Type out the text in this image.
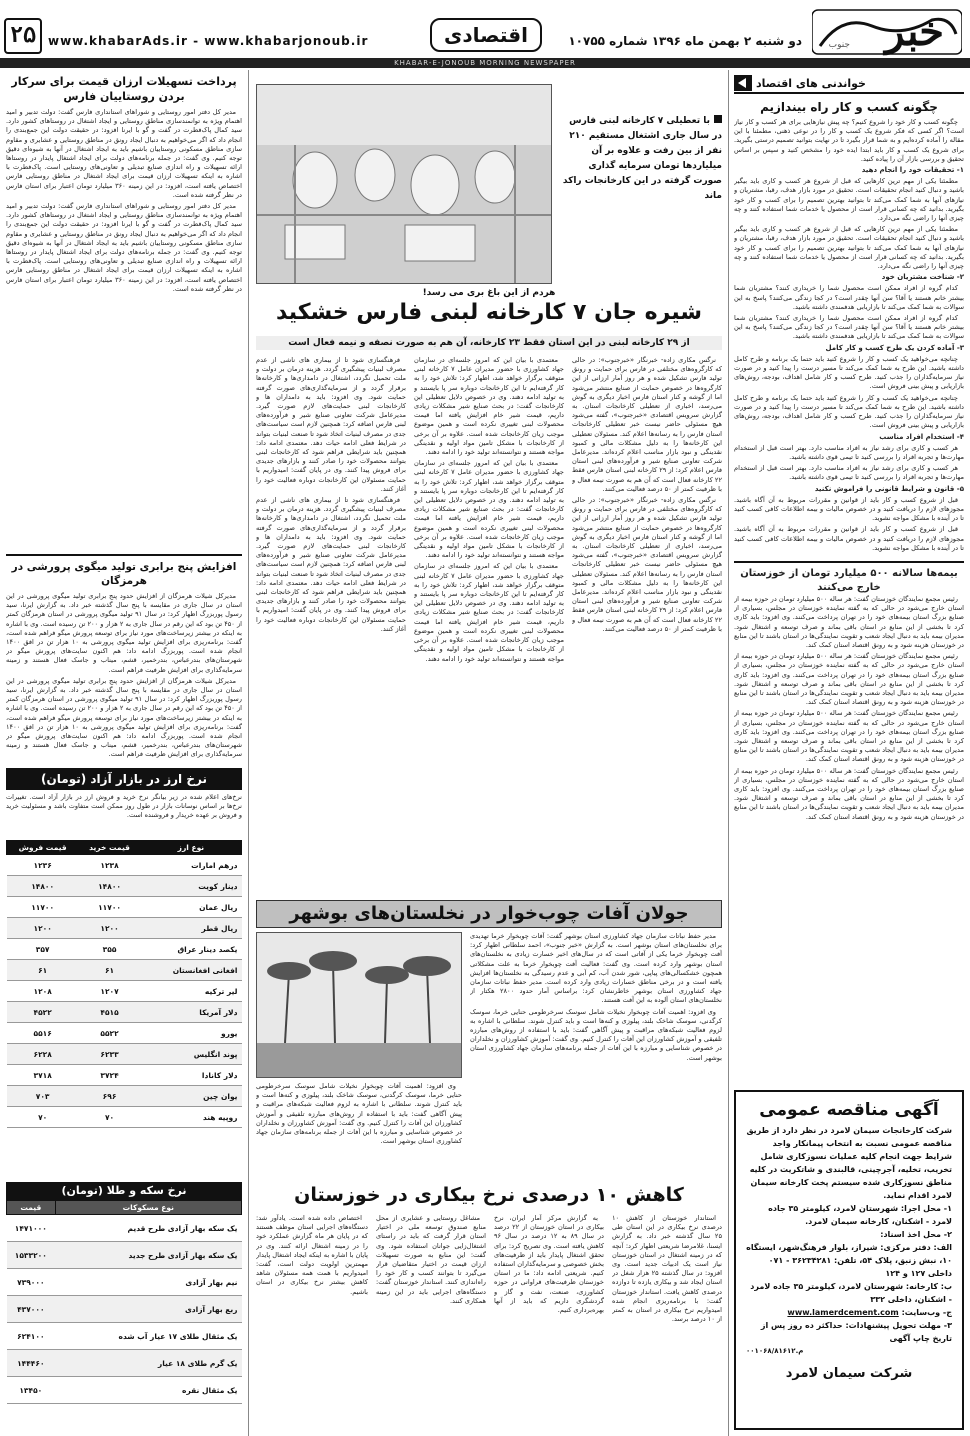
خبر
جنوب
دو شنبه ۲ بهمن ماه ۱۳۹۶ شماره ۱۰۷۵۵
اقتصادی
www.khabarAds.ir - www.khabarjonoub.ir
۲۵
KHABAR-E-JONOUB MORNING NEWSPAPER
خواندنی های اقتصاد
چگونه کسب و کار راه بیندازیم

چگونه کسب و کار خود را شروع کنیم؟ چه پیش نیازهایی برای هر کسب و کار نیاز است؟ اگر کسی که فکر شروع یک کسب و کار را در نوعی ذهنی، مطمئنا با این مقاله را آماده کرده‌ایم و به شما قرار بگیرد تا در نهایت بتوانید تصمیم درستی بگیرید. برای شروع یک کسب و کار باید ابتدا ایده خود را مشخص کنید و سپس بر اساس تحقیق و بررسی بازار آن را پیاده کنید.

۱- تحقیقات خود را انجام دهید

مطمئنا یکی از مهم ترین کارهایی که قبل از شروع هر کسب و کاری باید بیگیر باشید و دنبال کنید انجام تحقیقات است. تحقیق در مورد بازار هدف، رقبا، مشتریان و نیازهای آنها به شما کمک می‌کند تا بتوانید بهترین تصمیم را برای کسب و کار خود بگیرید. بدانید که چه کسانی قرار است از محصول یا خدمات شما استفاده کنند و چه چیزی آنها را راضی نگه می‌دارد.

مطمئنا یکی از مهم ترین کارهایی که قبل از شروع هر کسب و کاری باید بیگیر باشید و دنبال کنید انجام تحقیقات است. تحقیق در مورد بازار هدف، رقبا، مشتریان و نیازهای آنها به شما کمک می‌کند تا بتوانید بهترین تصمیم را برای کسب و کار خود بگیرید. بدانید که چه کسانی قرار است از محصول یا خدمات شما استفاده کنند و چه چیزی آنها را راضی نگه می‌دارد.

۲- شناخت مشتریان خود

کدام گروه از افراد ممکن است محصول شما را خریداری کنند؟ مشتریان شما بیشتر خانم هستند یا آقا؟ سن آنها چقدر است؟ در کجا زندگی می‌کنند؟ پاسخ به این سوالات به شما کمک می‌کند تا بازاریابی هدفمندی داشته باشید.

کدام گروه از افراد ممکن است محصول شما را خریداری کنند؟ مشتریان شما بیشتر خانم هستند یا آقا؟ سن آنها چقدر است؟ در کجا زندگی می‌کنند؟ پاسخ به این سوالات به شما کمک می‌کند تا بازاریابی هدفمندی داشته باشید.

۳- آماده کردن یک طرح کسب و کار کامل

چنانچه می‌خواهید یک کسب و کار را شروع کنید باید حتما یک برنامه و طرح کامل داشته باشید. این طرح به شما کمک می‌کند تا مسیر درست را پیدا کنید و در صورت نیاز سرمایه‌گذاران را جذب کنید. طرح کسب و کار شامل اهداف، بودجه، روش‌های بازاریابی و پیش بینی فروش است.

چنانچه می‌خواهید یک کسب و کار را شروع کنید باید حتما یک برنامه و طرح کامل داشته باشید. این طرح به شما کمک می‌کند تا مسیر درست را پیدا کنید و در صورت نیاز سرمایه‌گذاران را جذب کنید. طرح کسب و کار شامل اهداف، بودجه، روش‌های بازاریابی و پیش بینی فروش است.

۴- استخدام افراد مناسب

هر کسب و کاری برای رشد نیاز به افراد مناسب دارد. بهتر است قبل از استخدام مهارت‌ها و تجربه افراد را بررسی کنید تا تیمی قوی داشته باشید.

هر کسب و کاری برای رشد نیاز به افراد مناسب دارد. بهتر است قبل از استخدام مهارت‌ها و تجربه افراد را بررسی کنید تا تیمی قوی داشته باشید.

۵- قانون و شرایط قانونی را فراموش نکنید

قبل از شروع کسب و کار باید از قوانین و مقررات مربوط به آن آگاه باشید. مجوزهای لازم را دریافت کنید و در خصوص مالیات و بیمه اطلاعات کافی کسب کنید تا در آینده با مشکل مواجه نشوید.

قبل از شروع کسب و کار باید از قوانین و مقررات مربوط به آن آگاه باشید. مجوزهای لازم را دریافت کنید و در خصوص مالیات و بیمه اطلاعات کافی کسب کنید تا در آینده با مشکل مواجه نشوید.

بیمه‌ها سالانه ۵۰۰ میلیارد تومان از خوزستان خارج می‌کنند

رئیس مجمع نمایندگان خوزستان گفت: هر ساله ۵۰۰ میلیارد تومان در حوزه بیمه از استان خارج می‌شود در حالی که به گفته نماینده خوزستان در مجلس، بسیاری از صنایع بزرگ استان بیمه‌های خود را در تهران پرداخت می‌کنند. وی افزود: باید کاری کرد تا بخشی از این منابع در استان باقی بماند و صرف توسعه و اشتغال شود. مدیران بیمه باید به دنبال ایجاد شعب و تقویت نمایندگی‌ها در استان باشند تا این منابع در خوزستان هزینه شود و به رونق اقتصاد استان کمک کند.

رئیس مجمع نمایندگان خوزستان گفت: هر ساله ۵۰۰ میلیارد تومان در حوزه بیمه از استان خارج می‌شود در حالی که به گفته نماینده خوزستان در مجلس، بسیاری از صنایع بزرگ استان بیمه‌های خود را در تهران پرداخت می‌کنند. وی افزود: باید کاری کرد تا بخشی از این منابع در استان باقی بماند و صرف توسعه و اشتغال شود. مدیران بیمه باید به دنبال ایجاد شعب و تقویت نمایندگی‌ها در استان باشند تا این منابع در خوزستان هزینه شود و به رونق اقتصاد استان کمک کند.

رئیس مجمع نمایندگان خوزستان گفت: هر ساله ۵۰۰ میلیارد تومان در حوزه بیمه از استان خارج می‌شود در حالی که به گفته نماینده خوزستان در مجلس، بسیاری از صنایع بزرگ استان بیمه‌های خود را در تهران پرداخت می‌کنند. وی افزود: باید کاری کرد تا بخشی از این منابع در استان باقی بماند و صرف توسعه و اشتغال شود. مدیران بیمه باید به دنبال ایجاد شعب و تقویت نمایندگی‌ها در استان باشند تا این منابع در خوزستان هزینه شود و به رونق اقتصاد استان کمک کند.

رئیس مجمع نمایندگان خوزستان گفت: هر ساله ۵۰۰ میلیارد تومان در حوزه بیمه از استان خارج می‌شود در حالی که به گفته نماینده خوزستان در مجلس، بسیاری از صنایع بزرگ استان بیمه‌های خود را در تهران پرداخت می‌کنند. وی افزود: باید کاری کرد تا بخشی از این منابع در استان باقی بماند و صرف توسعه و اشتغال شود. مدیران بیمه باید به دنبال ایجاد شعب و تقویت نمایندگی‌ها در استان باشند تا این منابع در خوزستان هزینه شود و به رونق اقتصاد استان کمک کند.

آگهی مناقصه عمومی
شرکت کارخانجات سیمان لامرد در نظر دارد از طریق مناقصه عمومی نسبت به انتخاب پیمانکار واجد شرایط جهت انجام کلیه عملیات نسوزکاری شامل تخریب، تخلیه، آجرچینی، قالبندی و شاتکریت در کلیه مناطق نسوزکاری شده سیستم پخت کارخانه سیمان لامرد اقدام نماید.
۱- محل اجرا: شهرستان لامرد، کیلومتر ۳۵ جاده لامرد - اشکنان، کارخانه سیمان لامرد.
۲- محل اخذ اسناد:
الف: دفتر مرکزی: شیراز، بلوار فرهنگ‌شهر، ایستگاه ۱۰، نبش زنبق، پلاک ۵۴، تلفن: ۳۶۲۳۴۲۸۱ - ۰۷۱ داخلی ۱۲۷ و ۱۲۴
ب: کارخانه: شهرستان لامرد، کیلومتر ۳۵ جاده لامرد - اشکنان، داخلی ۳۳۲
ج- وب‌سایت: www.lamerdcement.com
۳- مهلت تحویل پیشنهادات: حداکثر ده روز پس از تاریخ چاپ آگهی
۰۰۱۰۶۸/م.۸۱۶۱۲
شرکت سیمان لامرد
با تعطیلی ۷ کارخانه لبنی فارس در سال جاری اشتغال مستقیم ۲۱۰ نفر از بین رفت و علاوه بر آن میلیاردها تومان سرمایه گذاری صورت گرفته در این کارخانجات راکد ماند
هردم از این باغ بری می رسد!
شیره جان ۷ کارخانه لبنی فارس خشکید
از ۲۹ کارخانه لبنی در این استان فقط ۲۳ کارخانه، آن هم به صورت نصفه و نیمه فعال است

نرگس مکاری زاده- خبرنگار «خبرجنوب»: در حالی که کارگروه‌های مختلفی در فارس برای حمایت و رونق تولید فارس تشکیل شده و هر روز آمار ارزانی از این کارگروه‌ها در خصوص حمایت از صنایع منتشر می‌شود اما از گوشه و کنار استان فارس اخبار دیگری به گوش می‌رسد، اخباری از تعطیلی کارخانجات استان. به گزارش سرویس اقتصادی «خبرجنوب»، گفته می‌شود هیچ مسئولی حاضر نیست خبر تعطیلی کارخانجات استان فارس را به رسانه‌ها اعلام کند. مسئولان تعطیلی این کارخانه‌ها را به دلیل مشکلات مالی و کمبود نقدینگی و نبود بازار مناسب اعلام کرده‌اند. مدیرعامل شرکت تعاونی صنایع شیر و فرآورده‌های لبنی استان فارس اعلام کرد: از ۲۹ کارخانه لبنی استان فارس فقط ۲۲ کارخانه فعال است که آن هم به صورت نیمه فعال و با ظرفیت کمتر از ۵۰ درصد فعالیت می‌کنند.

نرگس مکاری زاده- خبرنگار «خبرجنوب»: در حالی که کارگروه‌های مختلفی در فارس برای حمایت و رونق تولید فارس تشکیل شده و هر روز آمار ارزانی از این کارگروه‌ها در خصوص حمایت از صنایع منتشر می‌شود اما از گوشه و کنار استان فارس اخبار دیگری به گوش می‌رسد، اخباری از تعطیلی کارخانجات استان. به گزارش سرویس اقتصادی «خبرجنوب»، گفته می‌شود هیچ مسئولی حاضر نیست خبر تعطیلی کارخانجات استان فارس را به رسانه‌ها اعلام کند. مسئولان تعطیلی این کارخانه‌ها را به دلیل مشکلات مالی و کمبود نقدینگی و نبود بازار مناسب اعلام کرده‌اند. مدیرعامل شرکت تعاونی صنایع شیر و فرآورده‌های لبنی استان فارس اعلام کرد: از ۲۹ کارخانه لبنی استان فارس فقط ۲۲ کارخانه فعال است که آن هم به صورت نیمه فعال و با ظرفیت کمتر از ۵۰ درصد فعالیت می‌کنند.

معتمدی با بیان این که امروز جلسه‌ای در سازمان جهاد کشاورزی با حضور مدیران عامل ۷ کارخانه لبنی متوقف برگزار خواهد شد، اظهار کرد: تلاش خود را به کار گرفته‌ایم تا این کارخانجات دوباره سر پا بایستند و به تولید ادامه دهند. وی در خصوص دلایل تعطیلی این کارخانجات گفت: در بحث صنایع شیر مشکلات زیادی داریم، قیمت شیر خام افزایش یافته اما قیمت محصولات لبنی تغییری نکرده است و همین موضوع موجب زیان کارخانجات شده است. علاوه بر آن برخی از کارخانجات با مشکل تامین مواد اولیه و نقدینگی مواجه هستند و نتوانسته‌اند تولید خود را ادامه دهند.

معتمدی با بیان این که امروز جلسه‌ای در سازمان جهاد کشاورزی با حضور مدیران عامل ۷ کارخانه لبنی متوقف برگزار خواهد شد، اظهار کرد: تلاش خود را به کار گرفته‌ایم تا این کارخانجات دوباره سر پا بایستند و به تولید ادامه دهند. وی در خصوص دلایل تعطیلی این کارخانجات گفت: در بحث صنایع شیر مشکلات زیادی داریم، قیمت شیر خام افزایش یافته اما قیمت محصولات لبنی تغییری نکرده است و همین موضوع موجب زیان کارخانجات شده است. علاوه بر آن برخی از کارخانجات با مشکل تامین مواد اولیه و نقدینگی مواجه هستند و نتوانسته‌اند تولید خود را ادامه دهند.

معتمدی با بیان این که امروز جلسه‌ای در سازمان جهاد کشاورزی با حضور مدیران عامل ۷ کارخانه لبنی متوقف برگزار خواهد شد، اظهار کرد: تلاش خود را به کار گرفته‌ایم تا این کارخانجات دوباره سر پا بایستند و به تولید ادامه دهند. وی در خصوص دلایل تعطیلی این کارخانجات گفت: در بحث صنایع شیر مشکلات زیادی داریم، قیمت شیر خام افزایش یافته اما قیمت محصولات لبنی تغییری نکرده است و همین موضوع موجب زیان کارخانجات شده است. علاوه بر آن برخی از کارخانجات با مشکل تامین مواد اولیه و نقدینگی مواجه هستند و نتوانسته‌اند تولید خود را ادامه دهند.

فرهنگسازی شود تا از بیماری های ناشی از عدم مصرف لبنیات پیشگیری گردد. هزینه درمان بر دولت و ملت تحمیل نگردد، اشتغال در دامداری‌ها و کارخانه‌ها برقرار گردد و از سرمایه‌گذاری‌های صورت گرفته حمایت شود. وی افزود: باید به دامداران ها و کارخانجات لبنی حمایت‌های لازم صورت گیرد. مدیرعامل شرکت تعاونی صنایع شیر و فرآورده‌های لبنی فارس اضافه کرد: همچنین لازم است سیاست‌های جدی در مصرف لبنیات اتخاذ شود تا صنعت لبنیات بتواند در شرایط فعلی ادامه حیات دهد. معتمدی ادامه داد: همچنین باید شرایطی فراهم شود که کارخانجات لبنی بتوانند محصولات خود را صادر کنند و بازارهای جدیدی برای فروش پیدا کنند. وی در پایان گفت: امیدواریم با حمایت مسئولان این کارخانجات دوباره فعالیت خود را آغاز کنند.

فرهنگسازی شود تا از بیماری های ناشی از عدم مصرف لبنیات پیشگیری گردد. هزینه درمان بر دولت و ملت تحمیل نگردد، اشتغال در دامداری‌ها و کارخانه‌ها برقرار گردد و از سرمایه‌گذاری‌های صورت گرفته حمایت شود. وی افزود: باید به دامداران ها و کارخانجات لبنی حمایت‌های لازم صورت گیرد. مدیرعامل شرکت تعاونی صنایع شیر و فرآورده‌های لبنی فارس اضافه کرد: همچنین لازم است سیاست‌های جدی در مصرف لبنیات اتخاذ شود تا صنعت لبنیات بتواند در شرایط فعلی ادامه حیات دهد. معتمدی ادامه داد: همچنین باید شرایطی فراهم شود که کارخانجات لبنی بتوانند محصولات خود را صادر کنند و بازارهای جدیدی برای فروش پیدا کنند. وی در پایان گفت: امیدواریم با حمایت مسئولان این کارخانجات دوباره فعالیت خود را آغاز کنند.

جولان آفات چوب‌خوار در نخلستان‌های بوشهر

مدیر حفظ نباتات سازمان جهاد کشاورزی استان بوشهر گفت: آفات چوبخوار خرما تهدیدی برای نخلستان‌های استان بوشهر است. به گزارش «خبر جنوب»، احمد سلطانی اظهار کرد: آفت چوبخوار خرما یکی از آفاتی است که در سال‌های اخیر خسارت زیادی به نخلستان‌های استان بوشهر وارد کرده است. وی گفت: فعالیت آفت چوبخوار خرما به علت مشکلاتی همچون خشکسالی‌های پیاپی، شور شدن آب، کم آبی و عدم رسیدگی به نخلستان‌ها افزایش یافته است و در برخی مناطق خسارات زیادی وارد کرده است. مدیر حفظ نباتات سازمان جهاد کشاورزی استان بوشهر خاطرنشان کرد: براساس آمار حدود ۲۸۰۰ هکتار از نخلستان‌های استان آلوده به این آفت هستند.

وی افزود: اهمیت آفات چوبخوار نخیلات شامل سوسک سرخرطومی حنایی خرما، سوسک کرگدنی، سوسک شاخک بلند، پیلوزی و کنه‌ها است و باید کنترل شوند. سلطانی با اشاره به لزوم فعالیت شبکه‌های مراقبت و پیش آگاهی گفت: باید با استفاده از روش‌های مبارزه تلفیقی و آموزش کشاورزان این آفات را کنترل کنیم. وی گفت: آموزش کشاورزان و نخلداران در خصوص شناسایی و مبارزه با این آفات از جمله برنامه‌های سازمان جهاد کشاورزی استان بوشهر است.

وی افزود: اهمیت آفات چوبخوار نخیلات شامل سوسک سرخرطومی حنایی خرما، سوسک کرگدنی، سوسک شاخک بلند، پیلوزی و کنه‌ها است و باید کنترل شوند. سلطانی با اشاره به لزوم فعالیت شبکه‌های مراقبت و پیش آگاهی گفت: باید با استفاده از روش‌های مبارزه تلفیقی و آموزش کشاورزان این آفات را کنترل کنیم. وی گفت: آموزش کشاورزان و نخلداران در خصوص شناسایی و مبارزه با این آفات از جمله برنامه‌های سازمان جهاد کشاورزی استان بوشهر است.

کاهش ۱۰ درصدی نرخ بیکاری در خوزستان

استاندار خوزستان از کاهش ۱۰ درصدی نرخ بیکاری در این استان طی ۲۵ سال گذشته خبر داد. به گزارش ایسنا، غلامرضا شریعتی اظهار کرد: آنچه که در زمینه اشتغال در استان خوزستان نیاز است یک ادبیات جدید است. وی افزود: در سال گذشته ۲۵ هزار شغل در استان ایجاد شد و بیکاری یازده تا دوازده درصدی کاهش یافت. استاندار خوزستان گفت: با برنامه‌ریزی انجام شده امیدواریم نرخ بیکاری در استان به کمتر از ۱۰ درصد برسد.

به گزارش مرکز آمار ایران، نرخ بیکاری در استان خوزستان از ۲۲ درصد در سال ۸۹ به ۱۲ درصد در سال ۹۶ کاهش یافته است. وی تصریح کرد: برای تحقق اشتغال پایدار باید از ظرفیت‌های بخش خصوصی و سرمایه‌گذاران استفاده کنیم. شریعتی ادامه داد: ما در استان خوزستان ظرفیت‌های فراوانی در حوزه کشاورزی، صنعت، نفت و گاز و گردشگری داریم که باید از آنها بهره‌برداری کنیم.

مشاغل روستایی و عشایری از محل منابع صندوق توسعه ملی در اختیار استان قرار گرفت که باید در راستای اشتغال‌زایی جوانان استفاده شود. وی گفت: این منابع به صورت تسهیلات ارزان قیمت در اختیار متقاضیان قرار می‌گیرد تا بتوانند کسب و کار خود را راه‌اندازی کنند. استاندار خوزستان گفت: دستگاه‌های اجرایی باید در این زمینه همکاری کنند.

اختصاص داده شده است. یادآور شد: دستگاه‌های اجرایی استان موظف هستند که در پایان هر ماه گزارش عملکرد خود را در زمینه اشتغال ارائه کنند. وی در پایان با اشاره به اینکه ایجاد اشتغال پایدار مهمترین اولویت دولت است، گفت: امیدواریم با همت همه مسئولان شاهد کاهش بیشتر نرخ بیکاری در استان باشیم.

پرداخت تسهیلات ارزان قیمت برای سرکار بردن روستاییان فارس

مدیر کل دفتر امور روستایی و شوراهای استانداری فارس گفت: دولت تدبیر و امید اهتمام ویژه به توانمندسازی مناطق روستایی و ایجاد اشتغال در روستاهای کشور دارد. سید کمال پاک‌فطرت در گفت و گو با ایرنا افزود: در حقیقت دولت این جمع‌بندی را انجام داد که اگر می‌خواهیم به دنبال ایجاد رونق در مناطق روستایی و عشایری و مقاوم سازی مناطق مسکونی روستاییان باشیم باید به ایجاد اشتغال در آنها به شیوه‌ای دقیق توجه کنیم. وی گفت: در جمله برنامه‌های دولت برای ایجاد اشتغال پایدار در روستاها ارائه تسهیلات و راه اندازی صنایع تبدیلی و تعاونی‌های روستایی است. پاک‌فطرت با اشاره به اینکه تسهیلات ارزان قیمت برای ایجاد اشتغال در مناطق روستایی فارس اختصاص یافته است، افزود: در این زمینه ۳۶۰ میلیارد تومان اعتبار برای استان فارس در نظر گرفته شده است.

مدیر کل دفتر امور روستایی و شوراهای استانداری فارس گفت: دولت تدبیر و امید اهتمام ویژه به توانمندسازی مناطق روستایی و ایجاد اشتغال در روستاهای کشور دارد. سید کمال پاک‌فطرت در گفت و گو با ایرنا افزود: در حقیقت دولت این جمع‌بندی را انجام داد که اگر می‌خواهیم به دنبال ایجاد رونق در مناطق روستایی و عشایری و مقاوم سازی مناطق مسکونی روستاییان باشیم باید به ایجاد اشتغال در آنها به شیوه‌ای دقیق توجه کنیم. وی گفت: در جمله برنامه‌های دولت برای ایجاد اشتغال پایدار در روستاها ارائه تسهیلات و راه اندازی صنایع تبدیلی و تعاونی‌های روستایی است. پاک‌فطرت با اشاره به اینکه تسهیلات ارزان قیمت برای ایجاد اشتغال در مناطق روستایی فارس اختصاص یافته است، افزود: در این زمینه ۳۶۰ میلیارد تومان اعتبار برای استان فارس در نظر گرفته شده است.

افزایش پنج برابری تولید میگوی پرورشی در هرمزگان

مدیرکل شیلات هرمزگان از افزایش حدود پنج برابری تولید میگوی پرورشی در این استان در سال جاری در مقایسه با پنج سال گذشته خبر داد. به گزارش ایرنا، سید رسول پوربزرگ اظهار کرد: در سال ۹۱ تولید میگوی پرورشی در استان هرمزگان کمتر از ۴۵۰ تن بود که این رقم در سال جاری به ۲ هزار و ۲۰۰ تن رسیده است. وی با اشاره به اینکه در بیشتر زیرساخت‌های مورد نیاز برای توسعه پرورش میگو فراهم شده است، گفت: برنامه‌ریزی برای افزایش تولید میگوی پرورشی به ۱۰ هزار تن در افق ۱۴۰۰ انجام شده است. پوربزرگ ادامه داد: هم اکنون سایت‌های پرورش میگو در شهرستان‌های بندرعباس، بندرخمیر، قشم، میناب و جاسک فعال هستند و زمینه سرمایه‌گذاری برای افزایش ظرفیت فراهم است.

مدیرکل شیلات هرمزگان از افزایش حدود پنج برابری تولید میگوی پرورشی در این استان در سال جاری در مقایسه با پنج سال گذشته خبر داد. به گزارش ایرنا، سید رسول پوربزرگ اظهار کرد: در سال ۹۱ تولید میگوی پرورشی در استان هرمزگان کمتر از ۴۵۰ تن بود که این رقم در سال جاری به ۲ هزار و ۲۰۰ تن رسیده است. وی با اشاره به اینکه در بیشتر زیرساخت‌های مورد نیاز برای توسعه پرورش میگو فراهم شده است، گفت: برنامه‌ریزی برای افزایش تولید میگوی پرورشی به ۱۰ هزار تن در افق ۱۴۰۰ انجام شده است. پوربزرگ ادامه داد: هم اکنون سایت‌های پرورش میگو در شهرستان‌های بندرعباس، بندرخمیر، قشم، میناب و جاسک فعال هستند و زمینه سرمایه‌گذاری برای افزایش ظرفیت فراهم است.

نرخ ارز در بازار آزاد (تومان)
نرخ‌های اعلام شده در زیر بیانگر نرخ خرید و فروش ارز در بازار آزاد است. تغییرات نرخ‌ها بر اساس نوسانات بازار در طول روز ممکن است متفاوت باشد و مسئولیت خرید و فروش بر عهده خریدار و فروشنده است.
نوع ارز	قیمت خرید	قیمت فروش
درهم امارات	۱۲۳۸	۱۲۳۶
دینار کویت	۱۴۸۰۰	۱۴۸۰۰
ریال عمان	۱۱۷۰۰	۱۱۷۰۰
ریال قطر	۱۲۰۰	۱۲۰۰
یکصد دینار عراق	۳۵۵	۳۵۷
افغانی افغانستان	۶۱	۶۱
لیر ترکیه	۱۲۰۷	۱۲۰۸
دلار آمریکا	۴۵۱۵	۴۵۲۲
یورو	۵۵۲۲	۵۵۱۶
پوند انگلیس	۶۲۳۳	۶۲۲۸
دلار کانادا	۳۷۲۴	۳۷۱۸
یوان چین	۶۹۶	۷۰۳
روپیه هند	۷۰	۷۰
نرخ سکه و طلا (تومان)
نوع مسکوکات	قیمت
یک سکه بهار آزادی طرح قدیم	۱۴۷۱۰۰۰
یک سکه بهار آزادی طرح جدید	۱۵۳۳۲۰۰
نیم بهار آزادی	۷۳۹۰۰۰
ربع بهار آزادی	۴۳۷۰۰۰
یک مثقال طلای ۱۷ عیار آب شده	۶۲۴۱۰۰
یک گرم طلای ۱۸ عیار	۱۴۴۴۶۰
یک مثقال نقره	۱۳۴۵۰
